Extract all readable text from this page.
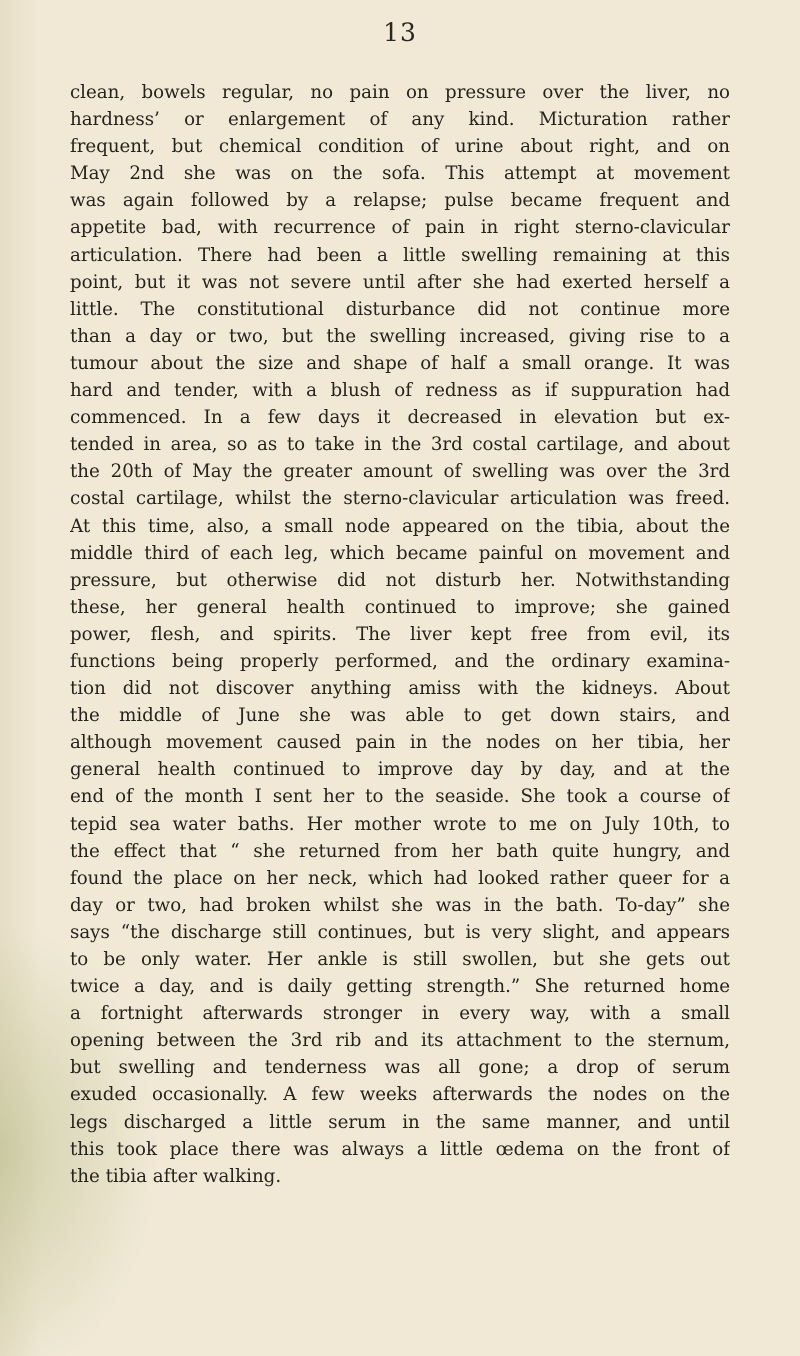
13
clean, bowels regular, no pain on pressure over the liver, no
hardness’ or enlargement of any kind. Micturation rather
frequent, but chemical condition of urine about right, and on
May 2nd she was on the sofa. This attempt at movement
was again followed by a relapse; pulse became frequent and
appetite bad, with recurrence of pain in right sterno-clavicular
articulation. There had been a little swelling remaining at this
point, but it was not severe until after she had exerted herself a
little. The constitutional disturbance did not continue more
than a day or two, but the swelling increased, giving rise to a
tumour about the size and shape of half a small orange. It was
hard and tender, with a blush of redness as if suppuration had
commenced. In a few days it decreased in elevation but ex-
tended in area, so as to take in the 3rd costal cartilage, and about
the 20th of May the greater amount of swelling was over the 3rd
costal cartilage, whilst the sterno-clavicular articulation was freed.
At this time, also, a small node appeared on the tibia, about the
middle third of each leg, which became painful on movement and
pressure, but otherwise did not disturb her. Notwithstanding
these, her general health continued to improve; she gained
power, flesh, and spirits. The liver kept free from evil, its
functions being properly performed, and the ordinary examina-
tion did not discover anything amiss with the kidneys. About
the middle of June she was able to get down stairs, and
although movement caused pain in the nodes on her tibia, her
general health continued to improve day by day, and at the
end of the month I sent her to the seaside. She took a course of
tepid sea water baths. Her mother wrote to me on July 10th, to
the effect that “ she returned from her bath quite hungry, and
found the place on her neck, which had looked rather queer for a
day or two, had broken whilst she was in the bath. To-day” she
says “the discharge still continues, but is very slight, and appears
to be only water. Her ankle is still swollen, but she gets out
twice a day, and is daily getting strength.” She returned home
a fortnight afterwards stronger in every way, with a small
opening between the 3rd rib and its attachment to the sternum,
but swelling and tenderness was all gone; a drop of serum
exuded occasionally. A few weeks afterwards the nodes on the
legs discharged a little serum in the same manner, and until
this took place there was always a little œdema on the front of
the tibia after walking.
